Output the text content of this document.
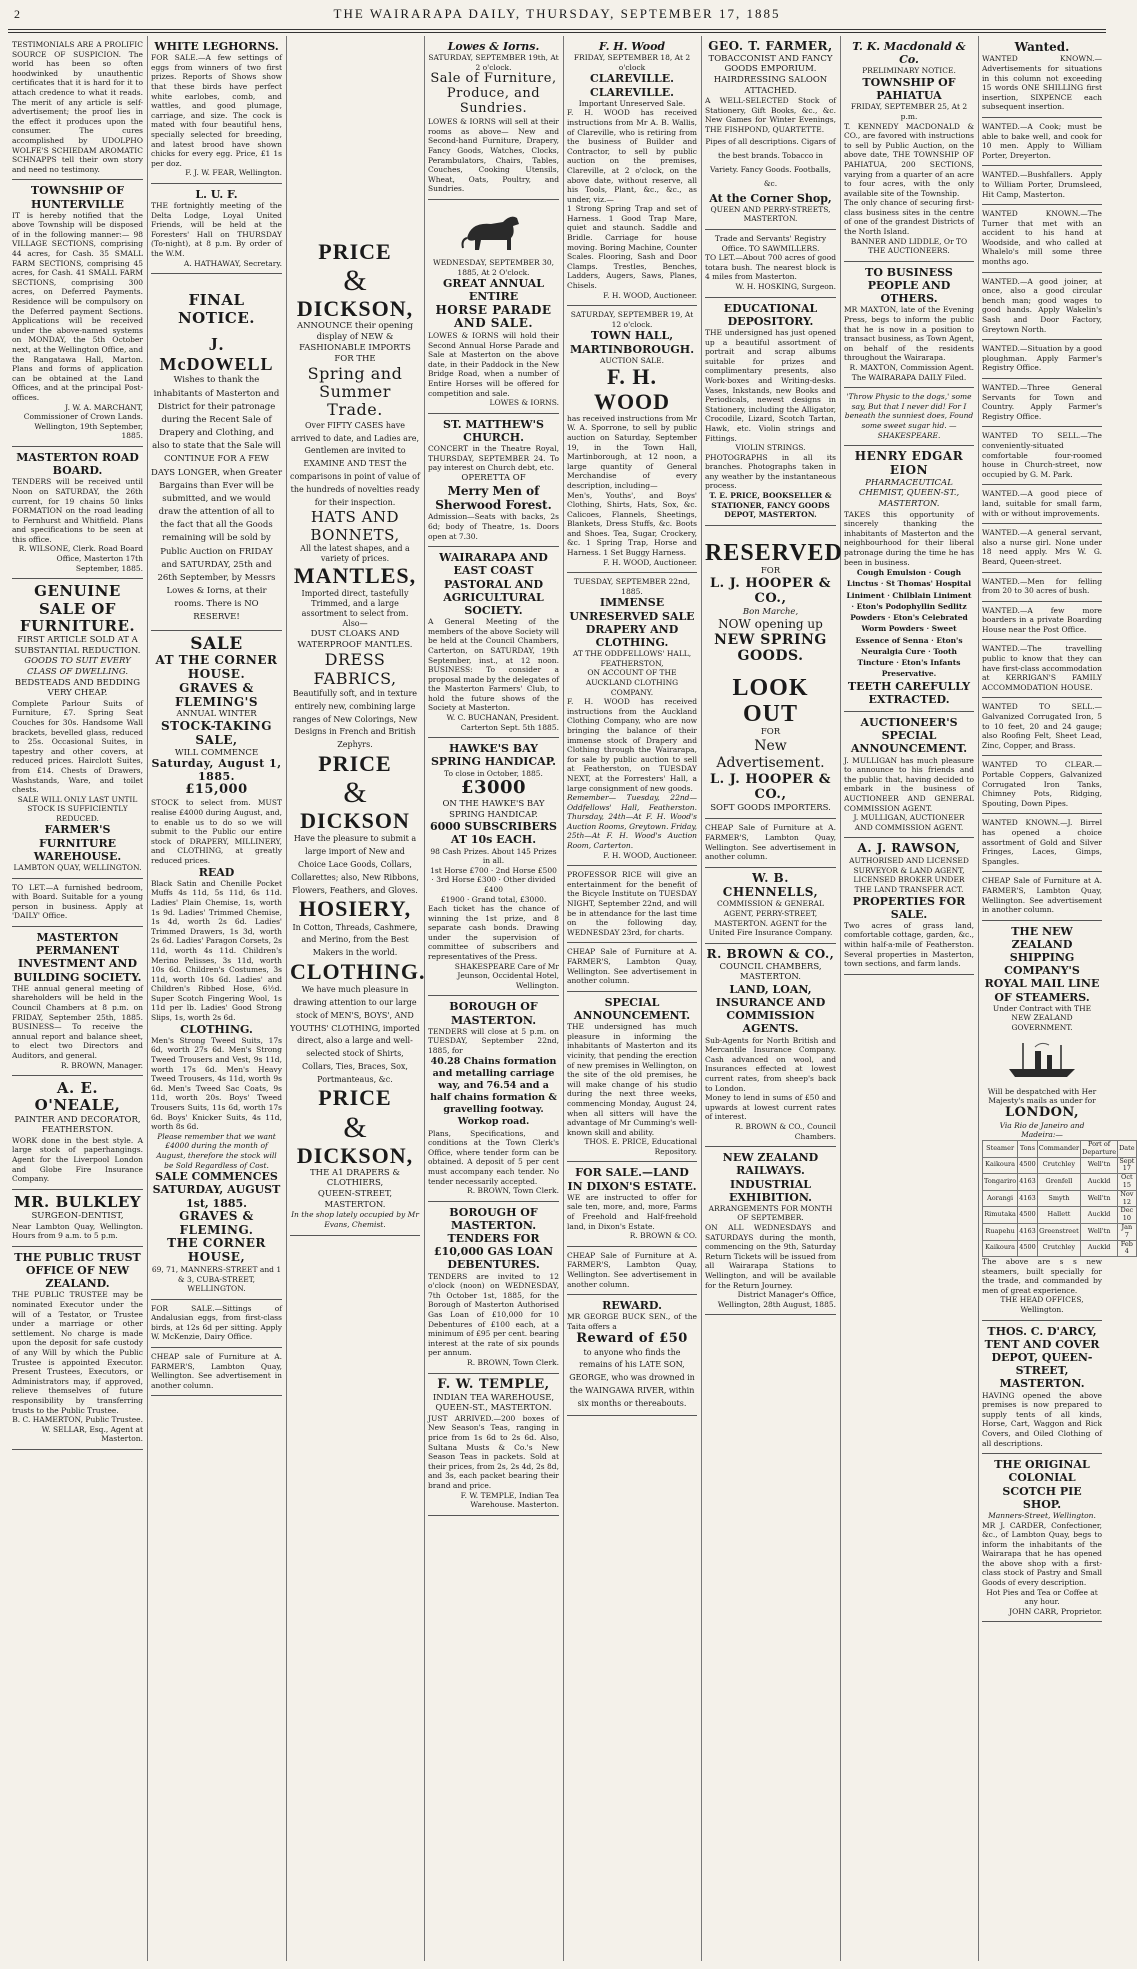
2	THE WAIRARAPA DAILY, THURSDAY, SEPTEMBER 17, 1885
TESTIMONIALS ARE A PROLIFIC SOURCE OF SUSPICION. The world has been so often hoodwinked by unauthentic certificates that it is hard for it to attach credence to what it reads. The merit of any article is self-advertisement; the proof lies in the effect it produces upon the consumer. The cures accomplished by UDOLPHO WOLFE'S SCHIEDAM AROMATIC SCHNAPPS tell their own story and need no testimony.
TOWNSHIP OF HUNTERVILLE
IT is hereby notified that the above Township will be disposed of in the following manner:— 98 VILLAGE SECTIONS, comprising 44 acres, for Cash. 35 SMALL FARM SECTIONS, comprising 45 acres, for Cash. 41 SMALL FARM SECTIONS, comprising 300 acres, on Deferred Payments. Residence will be compulsory on the Deferred payment Sections. Applications will be received under the above-named systems on MONDAY, the 5th October next, at the Wellington Office, and the Rangatawa Hall, Marton. Plans and forms of application can be obtained at the Land Offices, and at the principal Post-offices.
J. W. A. MARCHANT, Commissioner of Crown Lands. Wellington, 19th September, 1885.
MASTERTON ROAD BOARD.
TENDERS will be received until Noon on SATURDAY, the 26th current, for 19 chains 50 links FORMATION on the road leading to Fernhurst and Whitfield. Plans and specifications to be seen at this office.
R. WILSONE, Clerk. Road Board Office, Masterton 17th September, 1885.
GENUINE SALE OF FURNITURE.
FIRST ARTICLE SOLD AT A SUBSTANTIAL REDUCTION.
GOODS TO SUIT EVERY CLASS OF DWELLING.
BEDSTEADS AND BEDDING VERY CHEAP.
Complete Parlour Suits of Furniture, £7. Spring Seat Couches for 30s. Handsome Wall brackets, bevelled glass, reduced to 25s. Occasional Suites, in tapestry and other covers, at reduced prices. Hairclott Suites, from £14. Chests of Drawers, Washstands, Ware, and toilet chests.
SALE WILL ONLY LAST UNTIL STOCK IS SUFFICIENTLY REDUCED.
FARMER'S FURNITURE WAREHOUSE.
LAMBTON QUAY, WELLINGTON.
TO LET.—A furnished bedroom, with Board. Suitable for a young person in business. Apply at 'DAILY' Office.
MASTERTON PERMANENT INVESTMENT AND BUILDING SOCIETY.
THE annual general meeting of shareholders will be held in the Council Chambers at 8 p.m. on FRIDAY, September 25th, 1885. BUSINESS— To receive the annual report and balance sheet, to elect two Directors and Auditors, and general.
R. BROWN, Manager.
A. E. O'NEALE,
PAINTER AND DECORATOR, FEATHERSTON.
WORK done in the best style. A large stock of paperhangings. Agent for the Liverpool London and Globe Fire Insurance Company.
MR. BULKLEY
SURGEON-DENTIST,
Near Lambton Quay, Wellington. Hours from 9 a.m. to 5 p.m.
THE PUBLIC TRUST OFFICE OF NEW ZEALAND.
THE PUBLIC TRUSTEE may be nominated Executor under the will of a Testator, or Trustee under a marriage or other settlement. No charge is made upon the deposit for safe custody of any Will by which the Public Trustee is appointed Executor. Present Trustees, Executors, or Administrators may, if approved, relieve themselves of future responsibility by transferring trusts to the Public Trustee.
B. C. HAMERTON, Public Trustee. W. SELLAR, Esq., Agent at Masterton.
WHITE LEGHORNS.
FOR SALE.—A few settings of eggs from winners of two first prizes. Reports of Shows show that these birds have perfect white earlobes, comb, and wattles, and good plumage, carriage, and size. The cock is mated with four beautiful hens, specially selected for breeding, and latest brood have shown chicks for every egg. Price, £1 1s per doz.
F. J. W. FEAR, Wellington.
L. U. F.
THE fortnightly meeting of the Delta Lodge, Loyal United Friends, will be held at the Foresters' Hall on THURSDAY (To-night), at 8 p.m. By order of the W.M.
A. HATHAWAY, Secretary.
FINAL NOTICE.
J. McDOWELL
Wishes to thank the inhabitants of Masterton and District for their patronage during the Recent Sale of Drapery and Clothing, and also to state that the Sale will CONTINUE FOR A FEW DAYS LONGER, when Greater Bargains than Ever will be submitted, and we would draw the attention of all to the fact that all the Goods remaining will be sold by Public Auction on FRIDAY and SATURDAY, 25th and 26th September, by Messrs Lowes & Iorns, at their rooms. There is NO RESERVE!
SALE
AT THE CORNER HOUSE.
GRAVES & FLEMING'S
ANNUAL WINTER
STOCK-TAKING SALE,
WILL COMMENCE
Saturday, August 1, 1885.
£15,000
STOCK to select from. MUST realise £4000 during August, and, to enable us to do so we will submit to the Public our entire stock of DRAPERY, MILLINERY, and CLOTHING, at greatly reduced prices.
READ
Black Satin and Chenille Pocket Muffs 4s 11d, 5s 11d, 6s 11d. Ladies' Plain Chemise, 1s, worth 1s 9d. Ladies' Trimmed Chemise, 1s 4d, worth 2s 6d. Ladies' Trimmed Drawers, 1s 3d, worth 2s 6d. Ladies' Paragon Corsets, 2s 11d, worth 4s 11d. Children's Merino Pelisses, 3s 11d, worth 10s 6d. Children's Costumes, 3s 11d, worth 10s 6d. Ladies' and Children's Ribbed Hose, 6½d. Super Scotch Fingering Wool, 1s 11d per lb. Ladies' Good Strong Slips, 1s, worth 2s 6d.
CLOTHING.
Men's Strong Tweed Suits, 17s 6d, worth 27s 6d. Men's Strong Tweed Trousers and Vest, 9s 11d, worth 17s 6d. Men's Heavy Tweed Trousers, 4s 11d, worth 9s 6d. Men's Tweed Sac Coats, 9s 11d, worth 20s. Boys' Tweed Trousers Suits, 11s 6d, worth 17s 6d. Boys' Knicker Suits, 4s 11d, worth 8s 6d.
Please remember that we want £4000 during the month of August, therefore the stock will be Sold Regardless of Cost.
SALE COMMENCES SATURDAY, AUGUST 1st, 1885.
GRAVES & FLEMING.
THE CORNER HOUSE,
69, 71, MANNERS-STREET and 1 & 3, CUBA-STREET, WELLINGTON.
FOR SALE.—Sittings of Andalusian eggs, from first-class birds, at 12s 6d per sitting. Apply W. McKenzie, Dairy Office.
CHEAP sale of Furniture at A. FARMER'S, Lambton Quay, Wellington. See advertisement in another column.
PRICE
&
DICKSON,
ANNOUNCE their opening display of NEW & FASHIONABLE IMPORTS
FOR THE
Spring and Summer Trade.
Over FIFTY CASES have arrived to date, and Ladies are, Gentlemen are invited to EXAMINE AND TEST the comparisons in point of value of the hundreds of novelties ready for their inspection.
HATS AND BONNETS,
All the latest shapes, and a variety of prices.
MANTLES,
Imported direct, tastefully Trimmed, and a large assortment to select from.
Also—
DUST CLOAKS AND WATERPROOF MANTLES.
DRESS FABRICS,
Beautifully soft, and in texture entirely new, combining large ranges of New Colorings, New Designs in French and British Zephyrs.
PRICE
&
DICKSON
Have the pleasure to submit a large import of New and Choice Lace Goods, Collars, Collarettes; also, New Ribbons, Flowers, Feathers, and Gloves.
HOSIERY,
In Cotton, Threads, Cashmere, and Merino, from the Best Makers in the world.
CLOTHING.
We have much pleasure in drawing attention to our large stock of MEN'S, BOYS', AND YOUTHS' CLOTHING, imported direct, also a large and well-selected stock of Shirts, Collars, Ties, Braces, Sox, Portmanteaus, &c.
PRICE
&
DICKSON,
THE A1 DRAPERS & CLOTHIERS,
QUEEN-STREET, MASTERTON.
In the shop lately occupied by Mr Evans, Chemist.
Lowes & Iorns.
SATURDAY, SEPTEMBER 19th, At 2 o'clock.
Sale of Furniture, Produce, and Sundries.
LOWES & IORNS will sell at their rooms as above— New and Second-hand Furniture, Drapery, Fancy Goods, Watches, Clocks, Perambulators, Chairs, Tables, Couches, Cooking Utensils, Wheat, Oats, Poultry, and Sundries.
WEDNESDAY, SEPTEMBER 30, 1885, At 2 O'clock.
GREAT ANNUAL ENTIRE
HORSE PARADE AND SALE.
LOWES & IORNS will hold their Second Annual Horse Parade and Sale at Masterton on the above date, in their Paddock in the New Bridge Road, when a number of Entire Horses will be offered for competition and sale.
LOWES & IORNS.
ST. MATTHEW'S CHURCH.
CONCERT in the Theatre Royal, THURSDAY, SEPTEMBER 24. To pay interest on Church debt, etc.
OPERETTA OF
Merry Men of Sherwood Forest.
Admission—Seats with backs, 2s 6d; body of Theatre, 1s. Doors open at 7.30.
WAIRARAPA AND EAST COAST PASTORAL AND AGRICULTURAL SOCIETY.
A General Meeting of the members of the above Society will be held at the Council Chambers, Carterton, on SATURDAY, 19th September, inst., at 12 noon. BUSINESS: To consider a proposal made by the delegates of the Masterton Farmers' Club, to hold the future shows of the Society at Masterton.
W. C. BUCHANAN, President. Carterton Sept. 5th 1885.
HAWKE'S BAY SPRING HANDICAP.
To close in October, 1885.
£3000
ON THE HAWKE'S BAY SPRING HANDICAP.
6000 SUBSCRIBERS AT 10s EACH.
98 Cash Prizes. About 145 Prizes in all.
1st Horse £700 · 2nd Horse £500 · 3rd Horse £300 · Other divided £400
£1900 · Grand total, £3000.
Each ticket has the chance of winning the 1st prize, and 8 separate cash bonds. Drawing under the supervision of committee of subscribers and representatives of the Press.
SHAKESPEARE Care of Mr Jeunson, Occidental Hotel, Wellington.
BOROUGH OF MASTERTON.
TENDERS will close at 5 p.m. on TUESDAY, September 22nd, 1885, for
40.28 Chains formation and metalling carriage way, and 76.54 and a half chains formation & gravelling footway. Workop road.
Plans, Specifications, and conditions at the Town Clerk's Office, where tender form can be obtained. A deposit of 5 per cent must accompany each tender. No tender necessarily accepted.
R. BROWN, Town Clerk.
BOROUGH OF MASTERTON.
TENDERS FOR £10,000 GAS LOAN DEBENTURES.
TENDERS are invited to 12 o'clock (noon) on WEDNESDAY, 7th October 1st, 1885, for the Borough of Masterton Authorised Gas Loan of £10,000 for 10 Debentures of £100 each, at a minimum of £95 per cent. bearing interest at the rate of six pounds per annum.
R. BROWN, Town Clerk.
F. W. TEMPLE,
INDIAN TEA WAREHOUSE,
QUEEN-ST., MASTERTON.
JUST ARRIVED.—200 boxes of New Season's Teas, ranging in price from 1s 6d to 2s 6d. Also, Sultana Musts & Co.'s New Season Teas in packets. Sold at their prices, from 2s, 2s 4d, 2s 8d, and 3s, each packet bearing their brand and price.
F. W. TEMPLE, Indian Tea Warehouse. Masterton.
F. H. Wood
FRIDAY, SEPTEMBER 18, At 2 o'clock
CLAREVILLE. CLAREVILLE.
Important Unreserved Sale.
F. H. WOOD has received instructions from Mr A. B. Wallis, of Clareville, who is retiring from the business of Builder and Contractor, to sell by public auction on the premises, Clareville, at 2 o'clock, on the above date, without reserve, all his Tools, Plant, &c., &c., as under, viz.—
1 Strong Spring Trap and set of Harness. 1 Good Trap Mare, quiet and staunch. Saddle and Bridle. Carriage for house moving. Boring Machine, Counter Scales. Flooring, Sash and Door Clamps. Trestles, Benches, Ladders, Augers, Saws, Planes, Chisels.
F. H. WOOD, Auctioneer.
SATURDAY, SEPTEMBER 19, At 12 o'clock.
TOWN HALL, MARTINBOROUGH.
AUCTION SALE.
F. H. WOOD
has received instructions from Mr W. A. Sporrone, to sell by public auction on Saturday, September 19, in the Town Hall, Martinborough, at 12 noon, a large quantity of General Merchandise of every description, including—
Men's, Youths', and Boys' Clothing, Shirts, Hats, Sox, &c. Calicoes, Flannels, Sheetings, Blankets, Dress Stuffs, &c. Boots and Shoes. Tea, Sugar, Crockery, &c. 1 Spring Trap, Horse and Harness. 1 Set Buggy Harness.
F. H. WOOD, Auctioneer.
TUESDAY, SEPTEMBER 22nd, 1885.
IMMENSE UNRESERVED SALE
DRAPERY AND CLOTHING.
AT THE ODDFELLOWS' HALL, FEATHERSTON,
ON ACCOUNT OF THE AUCKLAND CLOTHING COMPANY.
F. H. WOOD has received instructions from the Auckland Clothing Company, who are now bringing the balance of their immense stock of Drapery and Clothing through the Wairarapa, for sale by public auction to sell at Featherston, on TUESDAY NEXT, at the Forresters' Hall, a large consignment of new goods.
Remember— Tuesday, 22nd—Oddfellows' Hall, Featherston. Thursday, 24th—At F. H. Wood's Auction Rooms, Greytown. Friday, 25th—At F. H. Wood's Auction Room, Carterton.
F. H. WOOD, Auctioneer.
PROFESSOR RICE will give an entertainment for the benefit of the Bicycle Institute on TUESDAY NIGHT, September 22nd, and will be in attendance for the last time on the following day, WEDNESDAY 23rd, for charts.
CHEAP Sale of Furniture at A. FARMER'S, Lambton Quay, Wellington. See advertisement in another column.
SPECIAL ANNOUNCEMENT.
THE undersigned has much pleasure in informing the inhabitants of Masterton and its vicinity, that pending the erection of new premises in Wellington, on the site of the old premises, he will make change of his studio during the next three weeks, commencing Monday, August 24, when all sitters will have the advantage of Mr Cumming's well-known skill and ability.
THOS. E. PRICE, Educational Repository.
FOR SALE.—LAND IN DIXON'S ESTATE.
WE are instructed to offer for sale ten, more, and, more, Farms of Freehold and Half-freehold land, in Dixon's Estate.
R. BROWN & CO.
CHEAP Sale of Furniture at A. FARMER'S, Lambton Quay, Wellington. See advertisement in another column.
REWARD.
MR GEORGE BUCK SEN., of the Taita offers a
Reward of £50
to anyone who finds the remains of his LATE SON, GEORGE, who was drowned in the WAINGAWA RIVER, within six months or thereabouts.
GEO. T. FARMER,
TOBACCONIST AND FANCY GOODS EMPORIUM.
HAIRDRESSING SALOON ATTACHED.
A WELL-SELECTED Stock of Stationery, Gift Books, &c., &c. New Games for Winter Evenings, THE FISHPOND, QUARTETTE.
Pipes of all descriptions. Cigars of the best brands. Tobacco in Variety. Fancy Goods. Footballs, &c.
At the Corner Shop,
QUEEN AND PERRY-STREETS, MASTERTON.
Trade and Servants' Registry Office. TO SAWMILLERS.
TO LET.—About 700 acres of good totara bush. The nearest block is 4 miles from Masterton.
W. H. HOSKING, Surgeon.
EDUCATIONAL DEPOSITORY.
THE undersigned has just opened up a beautiful assortment of portrait and scrap albums suitable for prizes and complimentary presents, also Work-boxes and Writing-desks. Vases, Inkstands, new Books and Periodicals, newest designs in Stationery, including the Alligator, Crocodile, Lizard, Scotch Tartan, Hawk, etc. Violin strings and Fittings.
VIOLIN STRINGS.
PHOTOGRAPHS in all its branches. Photographs taken in any weather by the instantaneous process.
T. E. PRICE, BOOKSELLER & STATIONER, FANCY GOODS DEPOT, MASTERTON.
RESERVED
FOR
L. J. HOOPER & CO.,
Bon Marche,
NOW opening up
NEW SPRING GOODS.
LOOK OUT
FOR
New Advertisement.
L. J. HOOPER & CO.,
SOFT GOODS IMPORTERS.
CHEAP Sale of Furniture at A. FARMER'S, Lambton Quay, Wellington. See advertisement in another column.
W. B. CHENNELLS,
COMMISSION & GENERAL AGENT, PERRY-STREET, MASTERTON. AGENT for the United Fire Insurance Company.
R. BROWN & CO.,
COUNCIL CHAMBERS, MASTERTON.
LAND, LOAN, INSURANCE AND COMMISSION AGENTS.
Sub-Agents for North British and Mercantile Insurance Company. Cash advanced on wool, and Insurances effected at lowest current rates, from sheep's back to London.
Money to lend in sums of £50 and upwards at lowest current rates of interest.
R. BROWN & CO., Council Chambers.
NEW ZEALAND RAILWAYS.
INDUSTRIAL EXHIBITION.
ARRANGEMENTS FOR MONTH OF SEPTEMBER.
ON ALL WEDNESDAYS and SATURDAYS during the month, commencing on the 9th, Saturday Return Tickets will be issued from all Wairarapa Stations to Wellington, and will be available for the Return Journey.
District Manager's Office, Wellington, 28th August, 1885.
T. K. Macdonald & Co.
PRELIMINARY NOTICE.
TOWNSHIP OF PAHIATUA
FRIDAY, SEPTEMBER 25, At 2 p.m.
T. KENNEDY MACDONALD & CO., are favored with instructions to sell by Public Auction, on the above date, THE TOWNSHIP OF PAHIATUA, 200 SECTIONS, varying from a quarter of an acre to four acres, with the only available site of the Township.
The only chance of securing first-class business sites in the centre of one of the grandest Districts of the North Island.
BANNER AND LIDDLE, Or TO THE AUCTIONEERS.
TO BUSINESS PEOPLE AND OTHERS.
MR MAXTON, late of the Evening Press, begs to inform the public that he is now in a position to transact business, as Town Agent, on behalf of the residents throughout the Wairarapa.
R. MAXTON, Commission Agent.
The WAIRARAPA DAILY Filed.
'Throw Physic to the dogs,' some say, But that I never did! For I beneath the sunniest does, Found some sweet sugar hid. —SHAKESPEARE.
HENRY EDGAR EION
PHARMACEUTICAL CHEMIST, QUEEN-ST., MASTERTON.
TAKES this opportunity of sincerely thanking the inhabitants of Masterton and the neighbourhood for their liberal patronage during the time he has been in business.
Cough Emulsion · Cough Linctus · St Thomas' Hospital Liniment · Chilblain Liniment · Eton's Podophyllin Sedlitz Powders · Eton's Celebrated Worm Powders · Sweet Essence of Senna · Eton's Neuralgia Cure · Tooth Tincture · Eton's Infants Preservative.
TEETH CAREFULLY EXTRACTED.
AUCTIONEER'S SPECIAL ANNOUNCEMENT.
J. MULLIGAN has much pleasure to announce to his friends and the public that, having decided to embark in the business of AUCTIONEER AND GENERAL COMMISSION AGENT.
J. MULLIGAN, AUCTIONEER AND COMMISSION AGENT.
A. J. RAWSON,
AUTHORISED AND LICENSED SURVEYOR & LAND AGENT, LICENSED BROKER UNDER THE LAND TRANSFER ACT.
PROPERTIES FOR SALE.
Two acres of grass land, comfortable cottage, garden, &c., within half-a-mile of Featherston. Several properties in Masterton, town sections, and farm lands.
Wanted.
WANTED KNOWN.—Advertisements for situations in this column not exceeding 15 words ONE SHILLING first insertion, SIXPENCE each subsequent insertion.
WANTED.—A Cook; must be able to bake well, and cook for 10 men. Apply to William Porter, Dreyerton.
WANTED.—Bushfallers. Apply to William Porter, Drumsleed, Hit Camp, Masterton.
WANTED KNOWN.—The Turner that met with an accident to his hand at Woodside, and who called at Whalelo's mill some three months ago.
WANTED.—A good joiner, at once, also a good circular bench man; good wages to good hands. Apply Wakelin's Sash and Door Factory, Greytown North.
WANTED.—Situation by a good ploughman. Apply Farmer's Registry Office.
WANTED.—Three General Servants for Town and Country. Apply Farmer's Registry Office.
WANTED TO SELL.—The conveniently-situated comfortable four-roomed house in Church-street, now occupied by G. M. Park.
WANTED.—A good piece of land, suitable for small farm, with or without improvements.
WANTED.—A general servant, also a nurse girl. None under 18 need apply. Mrs W. G. Beard, Queen-street.
WANTED.—Men for felling from 20 to 30 acres of bush.
WANTED.—A few more boarders in a private Boarding House near the Post Office.
WANTED.—The travelling public to know that they can have first-class accommodation at KERRIGAN'S FAMILY ACCOMMODATION HOUSE.
WANTED TO SELL.—Galvanized Corrugated Iron, 5 to 10 feet, 20 and 24 gauge; also Roofing Felt, Sheet Lead, Zinc, Copper, and Brass.
WANTED TO CLEAR.—Portable Coppers, Galvanized Corrugated Iron Tanks, Chimney Pots, Ridging, Spouting, Down Pipes.
WANTED KNOWN.—J. Birrel has opened a choice assortment of Gold and Silver Fringes, Laces, Gimps, Spangles.
CHEAP Sale of Furniture at A. FARMER'S, Lambton Quay, Wellington. See advertisement in another column.
THE NEW ZEALAND SHIPPING COMPANY'S
ROYAL MAIL LINE OF STEAMERS.
Under Contract with THE NEW ZEALAND GOVERNMENT.
Will be despatched with Her Majesty's mails as under for
LONDON,
Via Rio de Janeiro and Madeira:—
Steamer	Tons	Commander	Port of Departure	Date
Kaikoura	4500	Crutchley	Well'tn	Sept 17
Tongariro	4163	Grenfell	Auckld	Oct 15
Aorangi	4163	Smyth	Well'tn	Nov 12
Rimutaka	4500	Hallett	Auckld	Dec 10
Ruapehu	4163	Greenstreet	Well'tn	Jan 7
Kaikoura	4500	Crutchley	Auckld	Feb 4
The above are s s new steamers, built specially for the trade, and commanded by men of great experience.
THE HEAD OFFICES, Wellington.
THOS. C. D'ARCY, TENT AND COVER DEPOT, QUEEN-STREET, MASTERTON.
HAVING opened the above premises is now prepared to supply tents of all kinds, Horse, Cart, Waggon and Rick Covers, and Oiled Clothing of all descriptions.
THE ORIGINAL COLONIAL SCOTCH PIE SHOP.
Manners-Street, Wellington.
MR J. CARDER, Confectioner, &c., of Lambton Quay, begs to inform the inhabitants of the Wairarapa that he has opened the above shop with a first-class stock of Pastry and Small Goods of every description.
Hot Pies and Tea or Coffee at any hour.
JOHN CARR, Proprietor.
